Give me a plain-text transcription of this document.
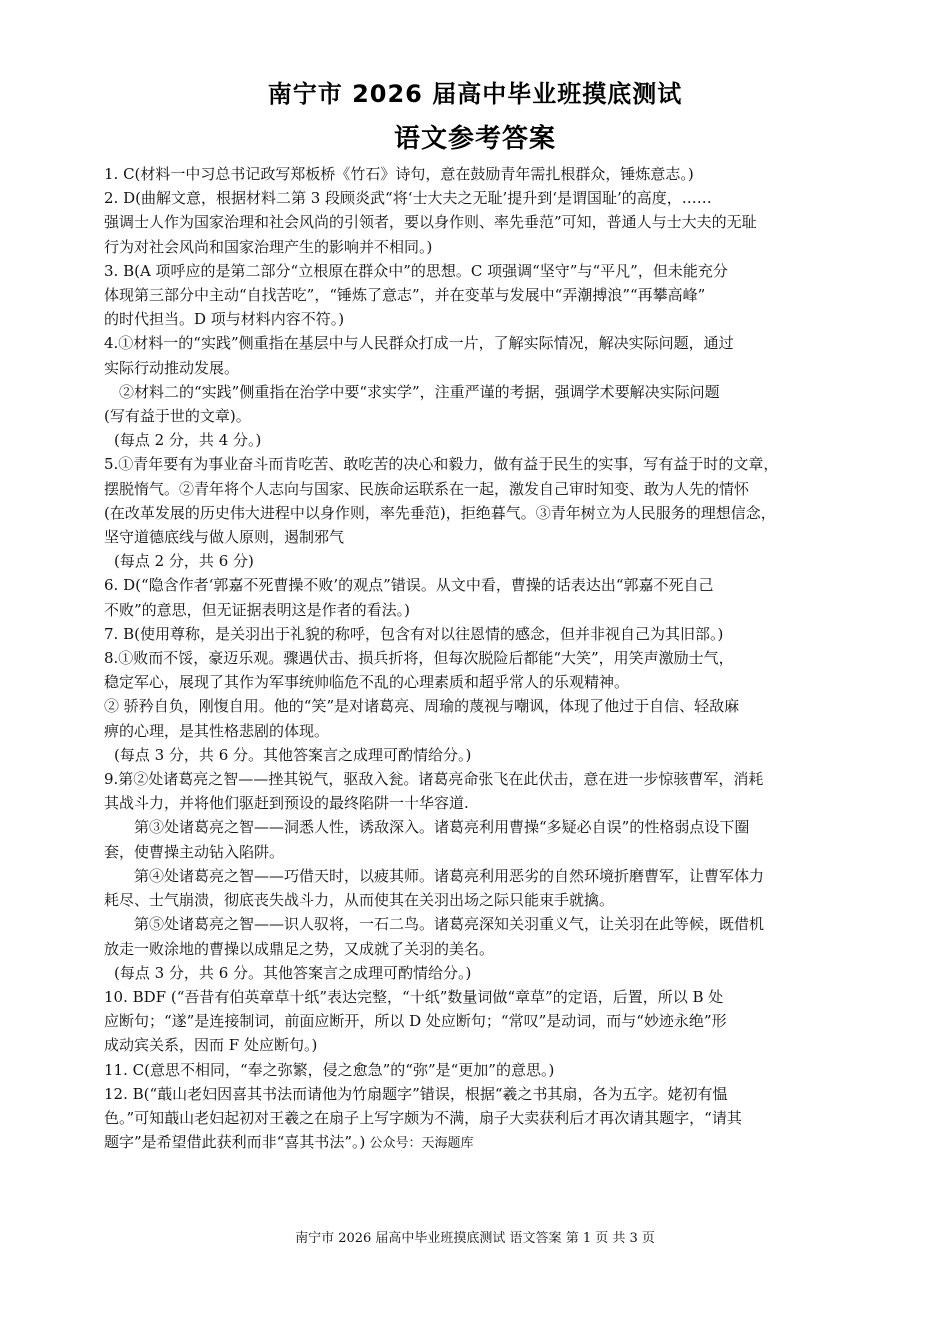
南宁市 2026 届高中毕业班摸底测试
语文参考答案

1. C(材料一中习总书记政写郑板桥《竹石》诗句，意在鼓励青年需扎根群众，锤炼意志。)

2. D(曲解文意，根据材料二第 3 段顾炎武“将‘士大夫之无耻’提升到‘是谓国耻’的高度，……

强调士人作为国家治理和社会风尚的引领者，要以身作则、率先垂范”可知，普通人与士大夫的无耻

行为对社会风尚和国家治理产生的影响并不相同。)

3. B(A 项呼应的是第二部分“立根原在群众中”的思想。C 项强调“坚守”与“平凡”，但未能充分

体现第三部分中主动“自找苦吃”，“锤炼了意志”，并在变革与发展中“弄潮搏浪”“再攀高峰”

的时代担当。D 项与材料内容不符。)

4.①材料一的“实践”侧重指在基层中与人民群众打成一片，了解实际情况，解决实际问题，通过

实际行动推动发展。

②材料二的“实践”侧重指在治学中要“求实学”，注重严谨的考据，强调学术要解决实际问题

(写有益于世的文章)。

(每点 2 分，共 4 分。)

5.①青年要有为事业奋斗而肯吃苦、敢吃苦的决心和毅力，做有益于民生的实事，写有益于时的文章，

摆脱惰气。②青年将个人志向与国家、民族命运联系在一起，激发自己审时知变、敢为人先的情怀

(在改革发展的历史伟大进程中以身作则，率先垂范)，拒绝暮气。③青年树立为人民服务的理想信念，

坚守道德底线与做人原则，遏制邪气

(每点 2 分，共 6 分)

6. D(“隐含作者‘郭嘉不死曹操不败’的观点”错误。从文中看，曹操的话表达出“郭嘉不死自己

不败”的意思，但无证据表明这是作者的看法。)

7. B(使用尊称，是关羽出于礼貌的称呼，包含有对以往恩情的感念，但并非视自己为其旧部。)

8.①败而不馁，豪迈乐观。骤遇伏击、损兵折将，但每次脱险后都能“大笑”，用笑声激励士气，

稳定军心，展现了其作为军事统帅临危不乱的心理素质和超乎常人的乐观精神。

② 骄矜自负，刚愎自用。他的“笑”是对诸葛亮、周瑜的蔑视与嘲讽，体现了他过于自信、轻敌麻

痹的心理，是其性格悲剧的体现。

(每点 3 分，共 6 分。其他答案言之成理可酌情给分。)

9.第②处诸葛亮之智——挫其锐气，驱敌入瓮。诸葛亮命张飞在此伏击，意在进一步惊骇曹军，消耗

其战斗力，并将他们驱赶到预设的最终陷阱一十华容道.

第③处诸葛亮之智——洞悉人性，诱敌深入。诸葛亮利用曹操“多疑必自误”的性格弱点设下圈

套，使曹操主动钻入陷阱。

第④处诸葛亮之智——巧借天时，以疲其师。诸葛亮利用恶劣的自然环境折磨曹军，让曹军体力

耗尽、士气崩溃，彻底丧失战斗力，从而使其在关羽出场之际只能束手就擒。

第⑤处诸葛亮之智——识人驭将，一石二鸟。诸葛亮深知关羽重义气，让关羽在此等候，既借机

放走一败涂地的曹操以成鼎足之势，又成就了关羽的美名。

(每点 3 分，共 6 分。其他答案言之成理可酌情给分。)

10. BDF (“吾昔有伯英章草十纸”表达完整，“十纸”数量词做“章草”的定语，后置，所以 B 处

应断句；“遂”是连接制词，前面应断开，所以 D 处应断句；“常叹”是动词，而与“妙迹永绝”形

成动宾关系，因而 F 处应断句。)

11. C(意思不相同，“奉之弥繁，侵之愈急”的“弥”是“更加”的意思。)

12. B(“蕺山老妇因喜其书法而请他为竹扇题字”错误，根据“羲之书其扇，各为五字。姥初有愠

色。”可知蕺山老妇起初对王羲之在扇子上写字颇为不满，扇子大卖获利后才再次请其题字，“请其

题字”是希望借此获利而非“喜其书法”。) 公众号：天海题库

南宁市 2026 届高中毕业班摸底测试 语文答案 第 1 页 共 3 页
